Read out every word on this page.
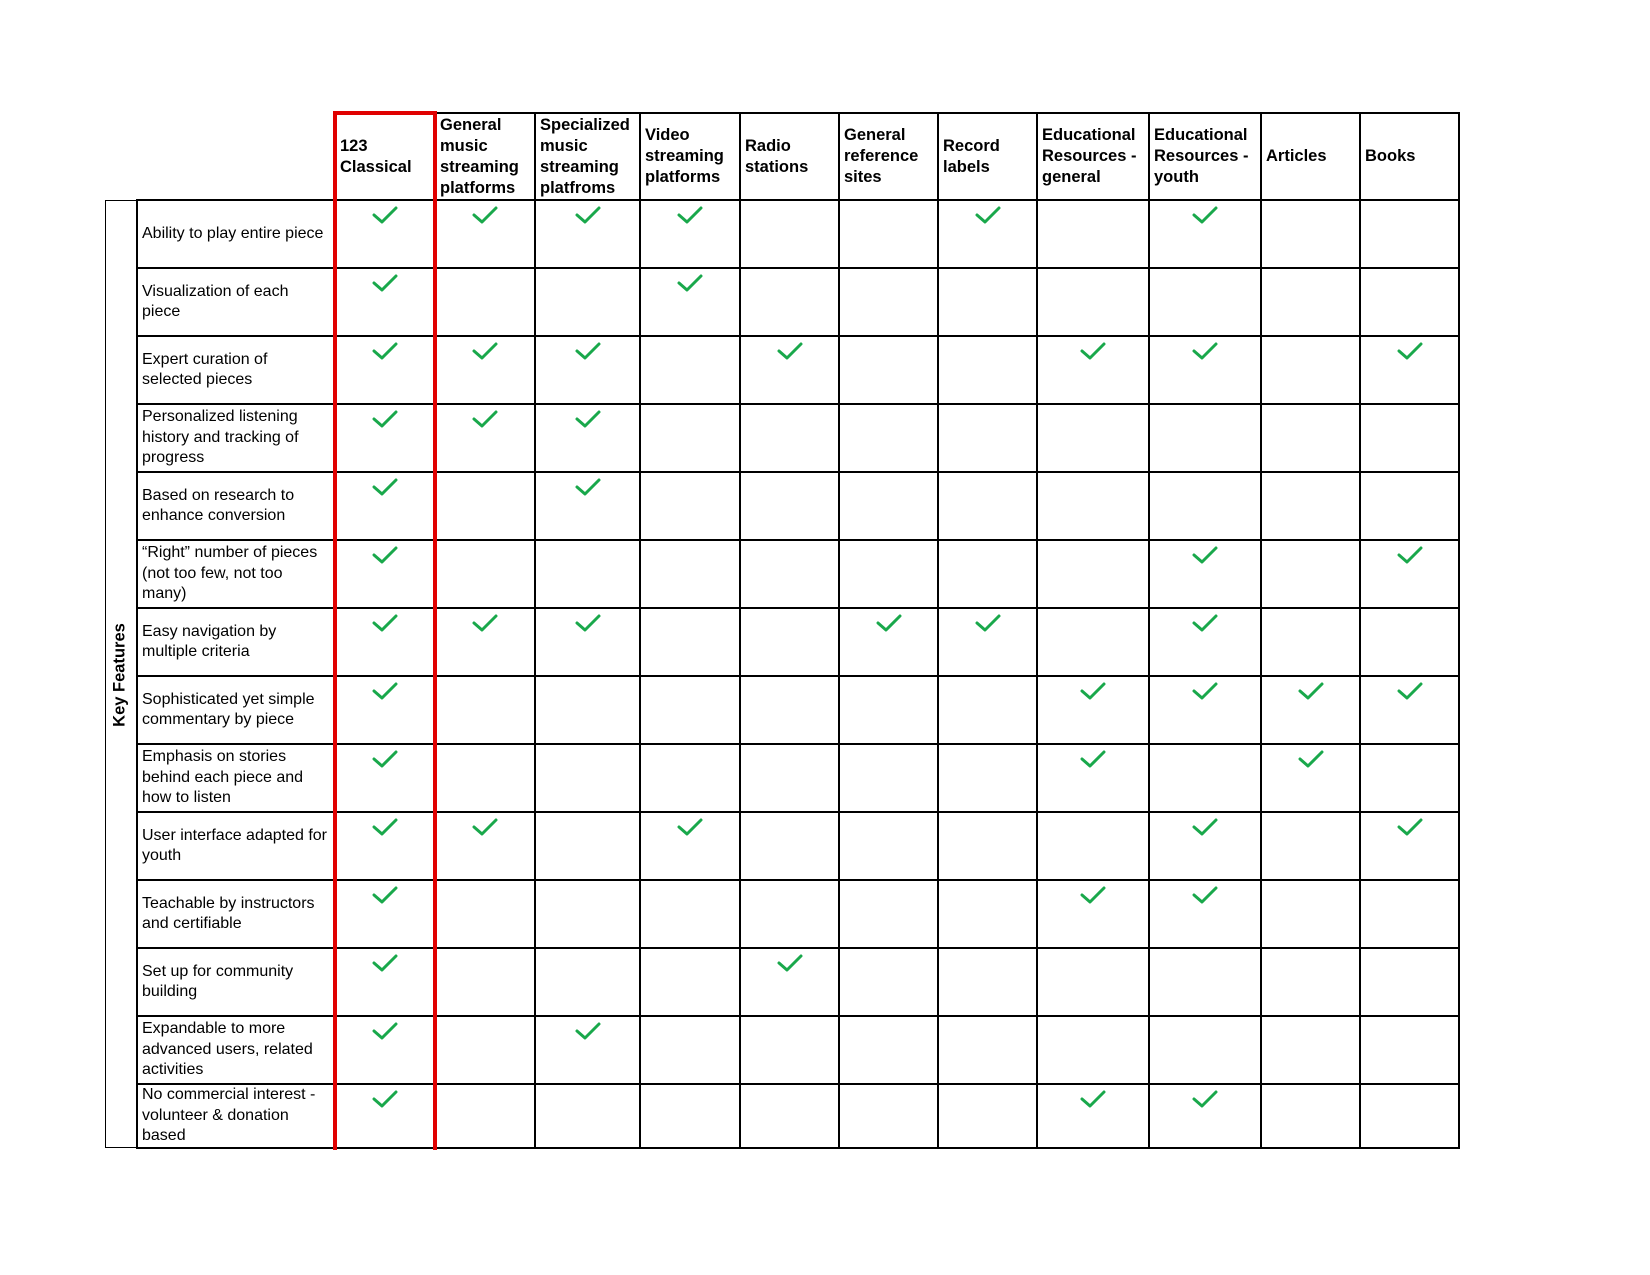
Key Features
123
Classical
General
music
streaming
platforms
Specialized
music
streaming
platfroms
Video
streaming
platforms
Radio
stations
General
reference
sites
Record
labels
Educational
Resources -
general
Educational
Resources -
youth
Articles Books
Ability to play entire piece
Visualization of each
piece
Expert curation of
selected pieces
Personalized listening
history and tracking of
progress
Based on research to
enhance conversion
“Right” number of pieces
(not too few, not too
many)
Easy navigation by
multiple criteria
Sophisticated yet simple
commentary by piece
Emphasis on stories
behind each piece and
how to listen
User interface adapted for
youth
Teachable by instructors
and certifiable
Set up for community
building
Expandable to more
advanced users, related
activities
No commercial interest -
volunteer & donation
based
